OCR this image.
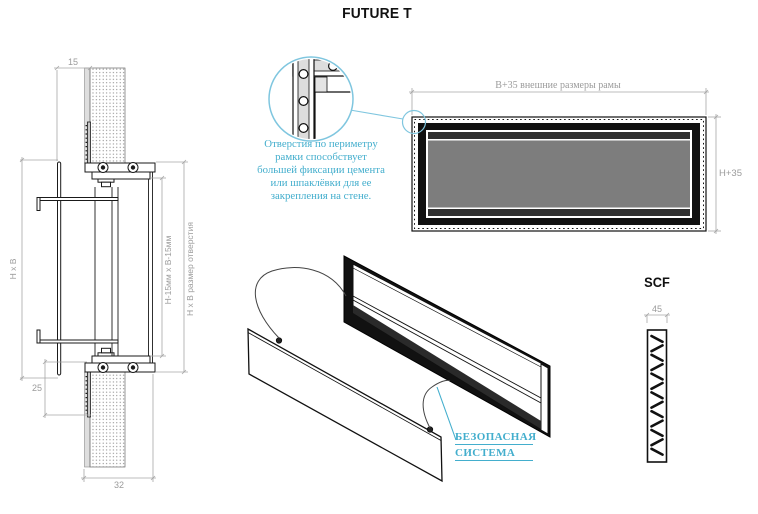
FUTURE T
15
H x B
25
32
H-15мм x B-15мм H x B размер отверстия
B+35 внешние размеры рамы
H+35
Отверстия по периметру
рамки способствует
большей фиксации цемента
или шпаклёвки для ее
закрепления на стене.
БЕЗОПАСНАЯ
СИСТЕМА
SCF
45
